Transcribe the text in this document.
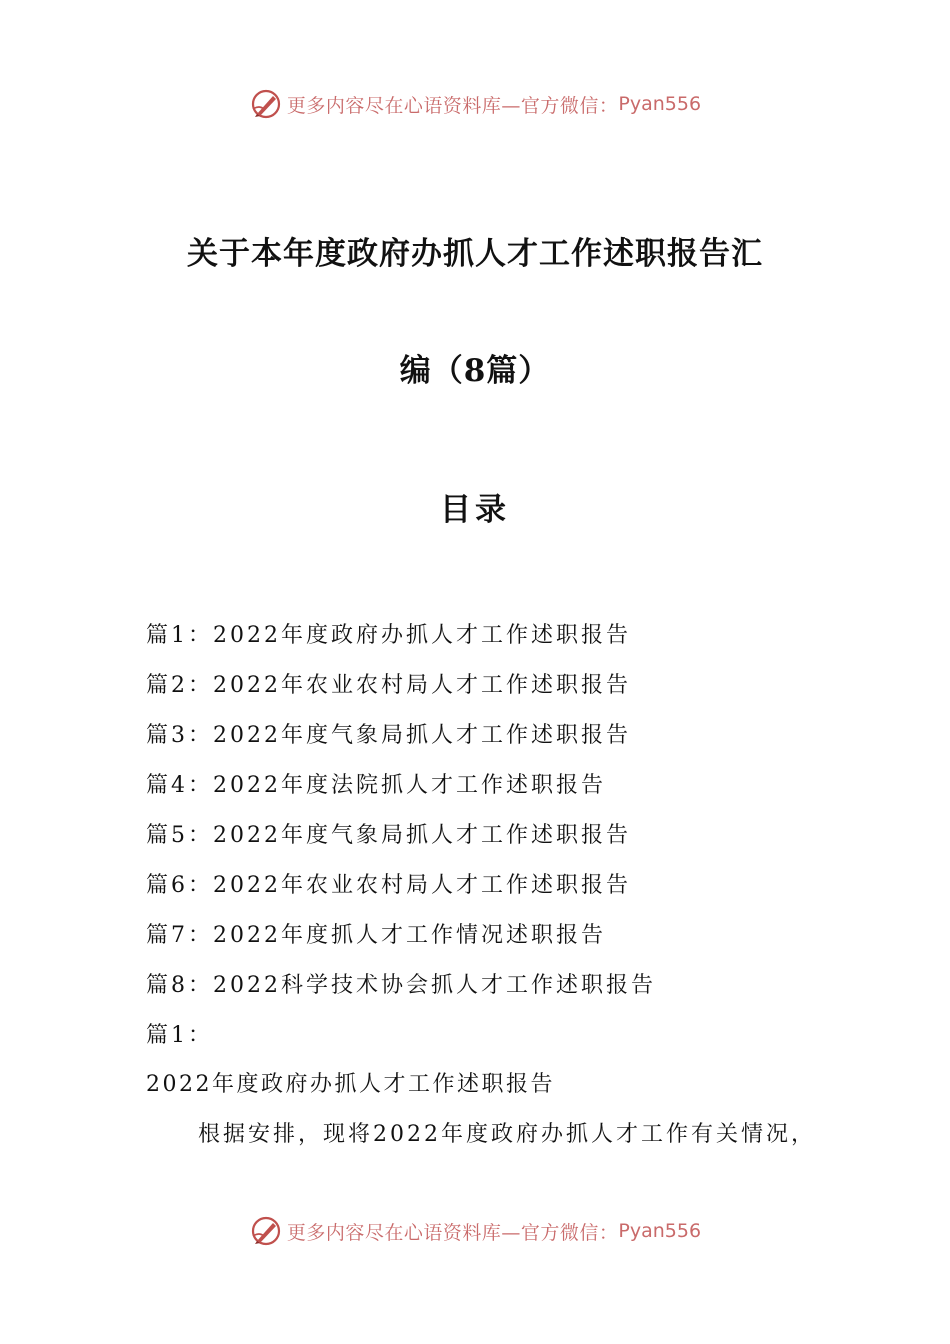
更多内容尽在心语资料库—官方微信： Pyan556
关于本年度政府办抓人才工作述职报告汇
编（8篇）
目录
篇1：2022年度政府办抓人才工作述职报告
篇2：2022年农业农村局人才工作述职报告
篇3：2022年度气象局抓人才工作述职报告
篇4：2022年度法院抓人才工作述职报告
篇5：2022年度气象局抓人才工作述职报告
篇6：2022年农业农村局人才工作述职报告
篇7：2022年度抓人才工作情况述职报告
篇8：2022科学技术协会抓人才工作述职报告
篇1：
2022年度政府办抓人才工作述职报告
根据安排，现将2022年度政府办抓人才工作有关情况，
更多内容尽在心语资料库—官方微信： Pyan556
